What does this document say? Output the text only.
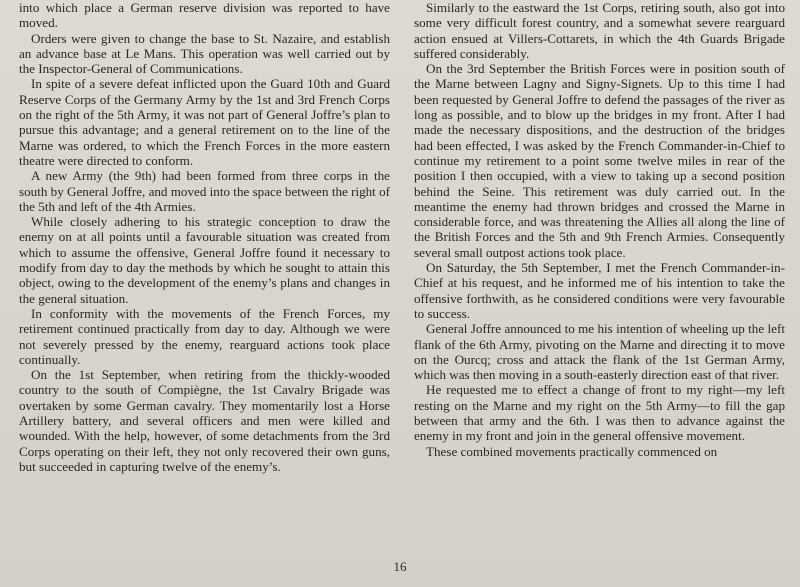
into which place a German reserve division was reported to have moved.

Orders were given to change the base to St. Nazaire, and establish an advance base at Le Mans. This operation was well carried out by the Inspector-General of Communications.

In spite of a severe defeat inflicted upon the Guard 10th and Guard Reserve Corps of the Germany Army by the 1st and 3rd French Corps on the right of the 5th Army, it was not part of General Joffre’s plan to pursue this advantage; and a general retirement on to the line of the Marne was ordered, to which the French Forces in the more eastern theatre were directed to conform.

A new Army (the 9th) had been formed from three corps in the south by General Joffre, and moved into the space between the right of the 5th and left of the 4th Armies.

While closely adhering to his strategic conception to draw the enemy on at all points until a favourable situation was created from which to assume the offensive, General Joffre found it necessary to modify from day to day the methods by which he sought to attain this object, owing to the development of the enemy’s plans and changes in the general situation.

In conformity with the movements of the French Forces, my retirement continued practically from day to day. Although we were not severely pressed by the enemy, rearguard actions took place continually.

On the 1st September, when retiring from the thickly-wooded country to the south of Compiègne, the 1st Cavalry Brigade was overtaken by some German cavalry. They momentarily lost a Horse Artillery battery, and several officers and men were killed and wounded. With the help, however, of some detachments from the 3rd Corps operating on their left, they not only recovered their own guns, but succeeded in capturing twelve of the enemy’s.

Similarly to the eastward the 1st Corps, retiring south, also got into some very difficult forest country, and a somewhat severe rearguard action ensued at Villers-Cottarets, in which the 4th Guards Brigade suffered considerably.

On the 3rd September the British Forces were in position south of the Marne between Lagny and Signy-Signets. Up to this time I had been requested by General Joffre to defend the passages of the river as long as possible, and to blow up the bridges in my front. After I had made the necessary dispositions, and the destruction of the bridges had been effected, I was asked by the French Commander-in-Chief to continue my retirement to a point some twelve miles in rear of the position I then occupied, with a view to taking up a second position behind the Seine. This retirement was duly carried out. In the meantime the enemy had thrown bridges and crossed the Marne in considerable force, and was threatening the Allies all along the line of the British Forces and the 5th and 9th French Armies. Consequently several small outpost actions took place.

On Saturday, the 5th September, I met the French Commander-in-Chief at his request, and he informed me of his intention to take the offensive forthwith, as he considered conditions were very favourable to success.

General Joffre announced to me his intention of wheeling up the left flank of the 6th Army, pivoting on the Marne and directing it to move on the Ourcq; cross and attack the flank of the 1st German Army, which was then moving in a south-easterly direction east of that river.

He requested me to effect a change of front to my right—my left resting on the Marne and my right on the 5th Army—to fill the gap between that army and the 6th. I was then to advance against the enemy in my front and join in the general offensive movement.

These combined movements practically commenced on

16
